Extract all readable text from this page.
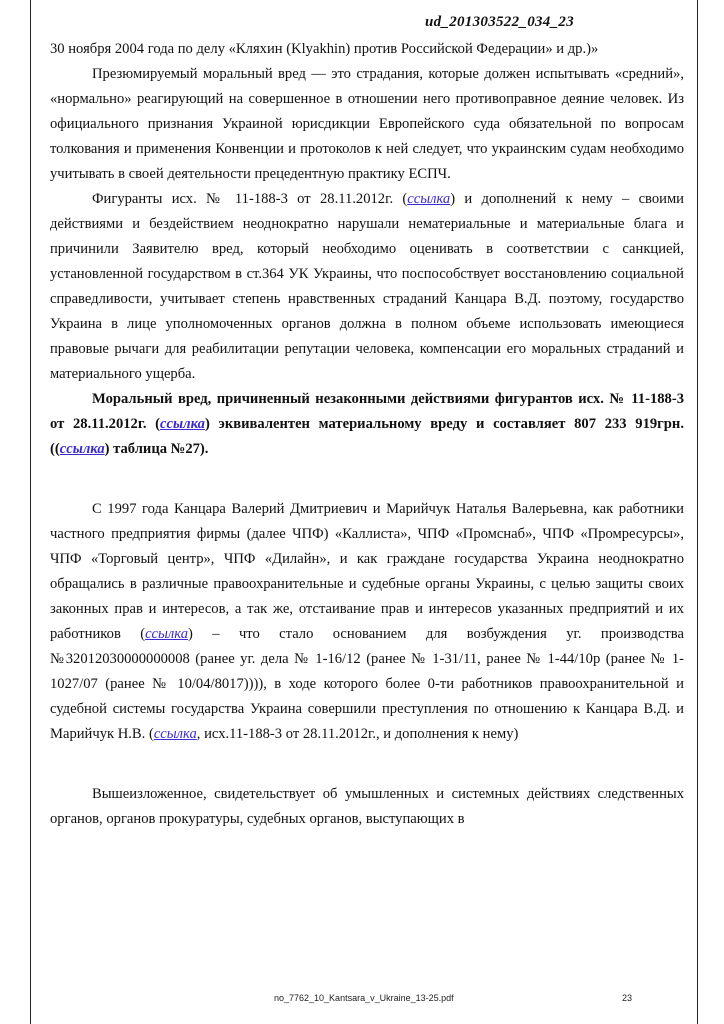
ud_201303522_034_23

30 ноября 2004 года по делу «Кляхин (Klyakhin) против Российской Федерации» и др.)»

Презюмируемый моральный вред — это страдания, которые должен испытывать «средний», «нормально» реагирующий на совершенное в отношении него противоправное деяние человек. Из официального признания Украиной юрисдикции Европейского суда обязательной по вопросам толкования и применения Конвенции и протоколов к ней следует, что украинским судам необходимо учитывать в своей деятельности прецедентную практику ЕСПЧ.

Фигуранты исх. № 11-188-3 от 28.11.2012г. (ссылка) и дополнений к нему – своими действиями и бездействием неоднократно нарушали нематериальные и материальные блага и причинили Заявителю вред, который необходимо оценивать в соответствии с санкцией, установленной государством в ст.364 УК Украины, что поспособствует восстановлению социальной справедливости, учитывает степень нравственных страданий Канцара В.Д. поэтому, государство Украина в лице уполномоченных органов должна в полном объеме использовать имеющиеся правовые рычаги для реабилитации репутации человека, компенсации его моральных страданий и материального ущерба.

Моральный вред, причиненный незаконными действиями фигурантов исх. № 11-188-3 от 28.11.2012г. (ссылка) эквивалентен материальному вреду и составляет 807 233 919грн. ((ссылка) таблица №27).

С 1997 года Канцара Валерий Дмитриевич и Марийчук Наталья Валерьевна, как работники частного предприятия фирмы (далее ЧПФ) «Каллиста», ЧПФ «Промснаб», ЧПФ «Промресурсы», ЧПФ «Торговый центр», ЧПФ «Дилайн», и как граждане государства Украина неоднократно обращались в различные правоохранительные и судебные органы Украины, с целью защиты своих законных прав и интересов, а так же, отстаивание прав и интересов указанных предприятий и их работников (ссылка) – что стало основанием для возбуждения уг. производства №32012030000000008 (ранее уг. дела № 1-16/12 (ранее № 1-31/11, ранее № 1-44/10р (ранее № 1-1027/07 (ранее № 10/04/8017)))), в ходе которого более 0-ти работников правоохранительной и судебной системы государства Украина совершили преступления по отношению к Канцара В.Д. и Марийчук Н.В. (ссылка, исх.11-188-3 от 28.11.2012г., и дополнения к нему)

Вышеизложенное, свидетельствует об умышленных и системных действиях следственных органов, органов прокуратуры, судебных органов, выступающих в

no_7762_10_Kantsara_v_Ukraine_13-25.pdf	23
